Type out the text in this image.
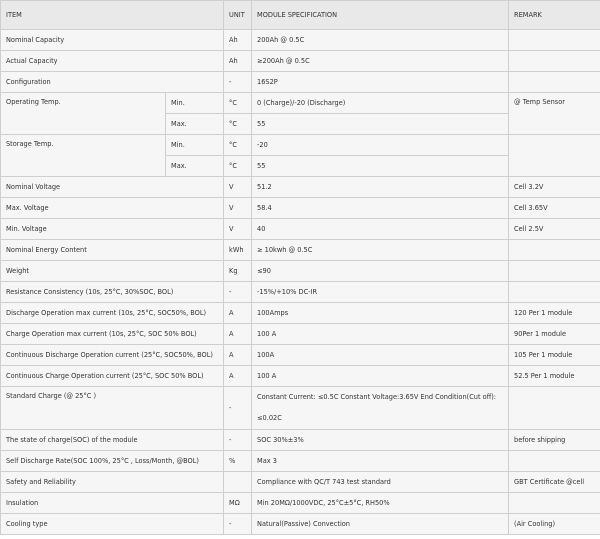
ITEM		UNIT	MODULE SPECIFICATION	REMARK
Nominal Capacity		Ah	200Ah @ 0.5C	
Actual Capacity		Ah	≥200Ah @ 0.5C	
Configuration		-	16S2P	
Operating Temp.	Min.	°C	0 (Charge)/-20 (Discharge)	@ Temp Sensor
	Max.	°C	55	
Storage Temp.	Min.	°C	-20	
	Max.	°C	55	
Nominal Voltage		V	51.2	Cell 3.2V
Max. Voltage		V	58.4	Cell 3.65V
Min. Voltage		V	40	Cell 2.5V
Nominal Energy Content		kWh	≥ 10kwh @ 0.5C	
Weight		Kg	≤90	
Resistance Consistency (10s, 25°C, 30%SOC, BOL)		-	-15%/+10% DC-IR	
Discharge Operation max current (10s, 25°C, SOC50%, BOL)		A	100Amps	120 Per 1 module
Charge Operation max current (10s, 25°C, SOC 50% BOL)		A	100 A	90Per 1 module
Continuous Discharge Operation current (25°C, SOC50%, BOL)		A	100A	105 Per 1 module
Continuous Charge Operation current (25°C, SOC 50% BOL)		A	100 A	52.5 Per 1 module
Standard Charge (@ 25°C )		-	Constant Current: ≤0.5C Constant Voltage:3.65V End Condition(Cut off):
≤0.02C	

The state of charge(SOC) of the module		-	SOC 30%±3%	before shipping
Self Discharge Rate(SOC 100%, 25°C , Loss/Month, @BOL)		%	Max 3	
Safety and Reliability			Compliance with QC/T 743 test standard	GBT Certificate @cell
Insulation		MΩ	Min 20MΩ/1000VDC, 25°C±5°C, RH50%	
Cooling type		-	Natural(Passive) Convection	(Air Cooling)
